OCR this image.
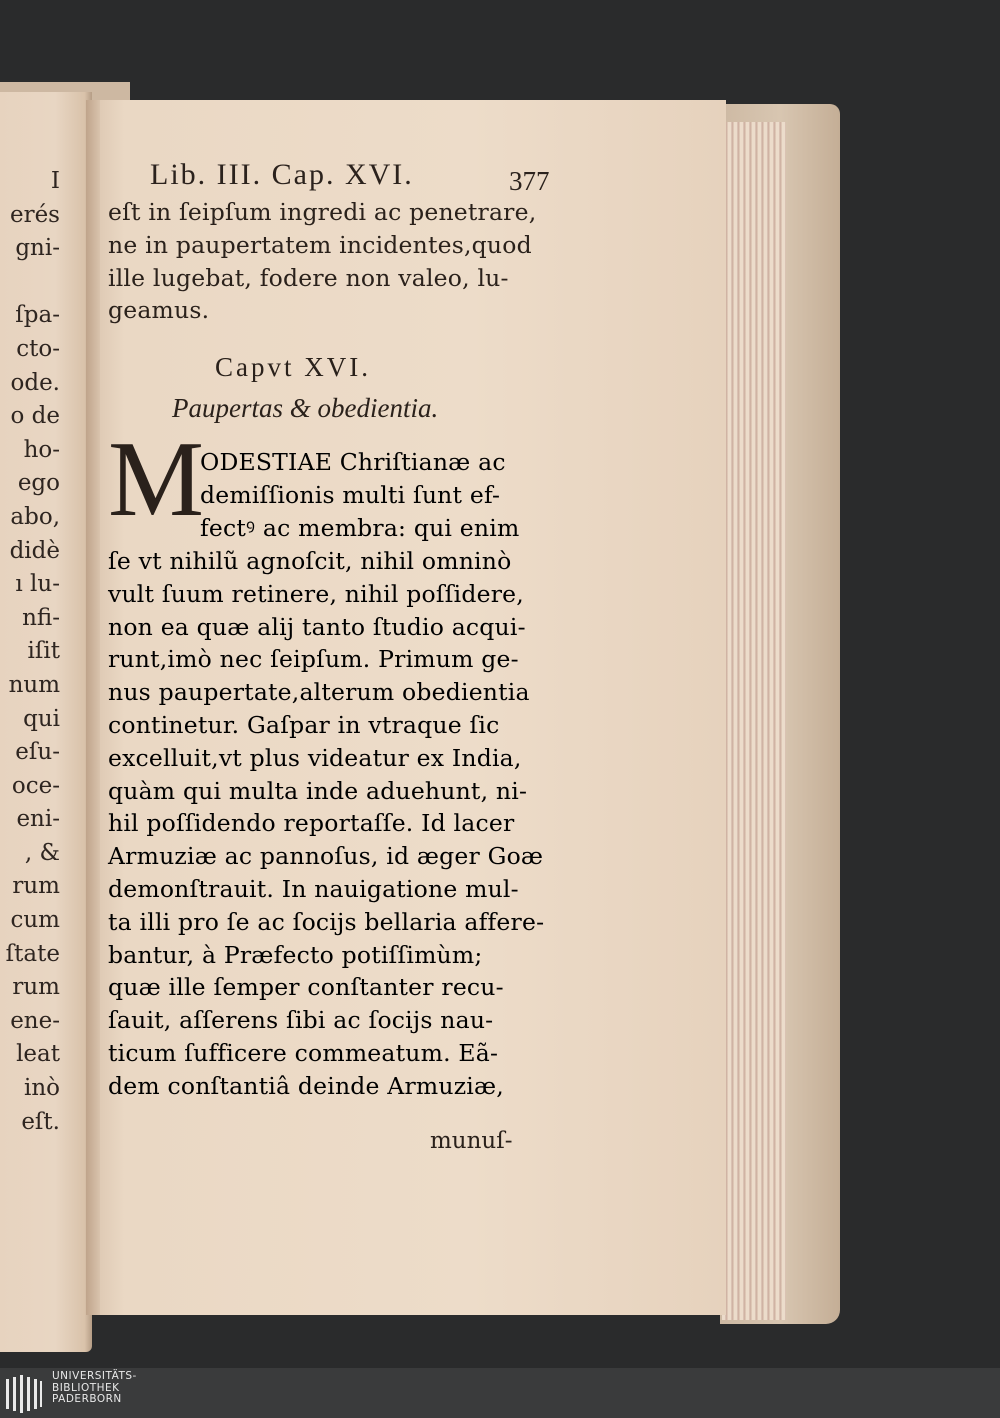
I
erés
gni-
ſpa-
cto-
ode.
o de
ho-
ego
abo,
didè
ı lu-
nfi-
iſit
num
qui
eſu-
oce-
eni-
, &
rum
cum
ſtate
rum
ene-
leat
inò
eſt.
Lib. III. Cap. XVI.	377
eſt in ſeipſum ingredi ac penetrare,
ne in paupertatem incidentes,quod
ille lugebat, fodere non valeo, lu-
geamus.
Capvt XVI.
Paupertas & obedientia.
M
ODESTIAE Chriſtianæ ac
demiſſionis multi ſunt ef-
fectꝰ ac membra: qui enim
ſe vt nihilũ agnoſcit, nihil omninò
vult ſuum retinere, nihil poſſidere,
non ea quæ alij tanto ſtudio acqui-
runt,imò nec ſeipſum. Primum ge-
nus paupertate,alterum obedientia
continetur. Gaſpar in vtraque ſic
excelluit,vt plus videatur ex India,
quàm qui multa inde aduehunt, ni-
hil poſſidendo reportaſſe. Id lacer
Armuziæ ac pannoſus, id æger Goæ
demonſtrauit. In nauigatione mul-
ta illi pro ſe ac ſocijs bellaria affere-
bantur, à Præfecto potiſſimùm;
quæ ille ſemper conſtanter recu-
ſauit, aſſerens ſibi ac ſocijs nau-
ticum ſufficere commeatum. Eã-
dem conſtantiâ deinde Armuziæ,
munuſ-
UNIVERSITÄTS-
BIBLIOTHEK
PADERBORN
